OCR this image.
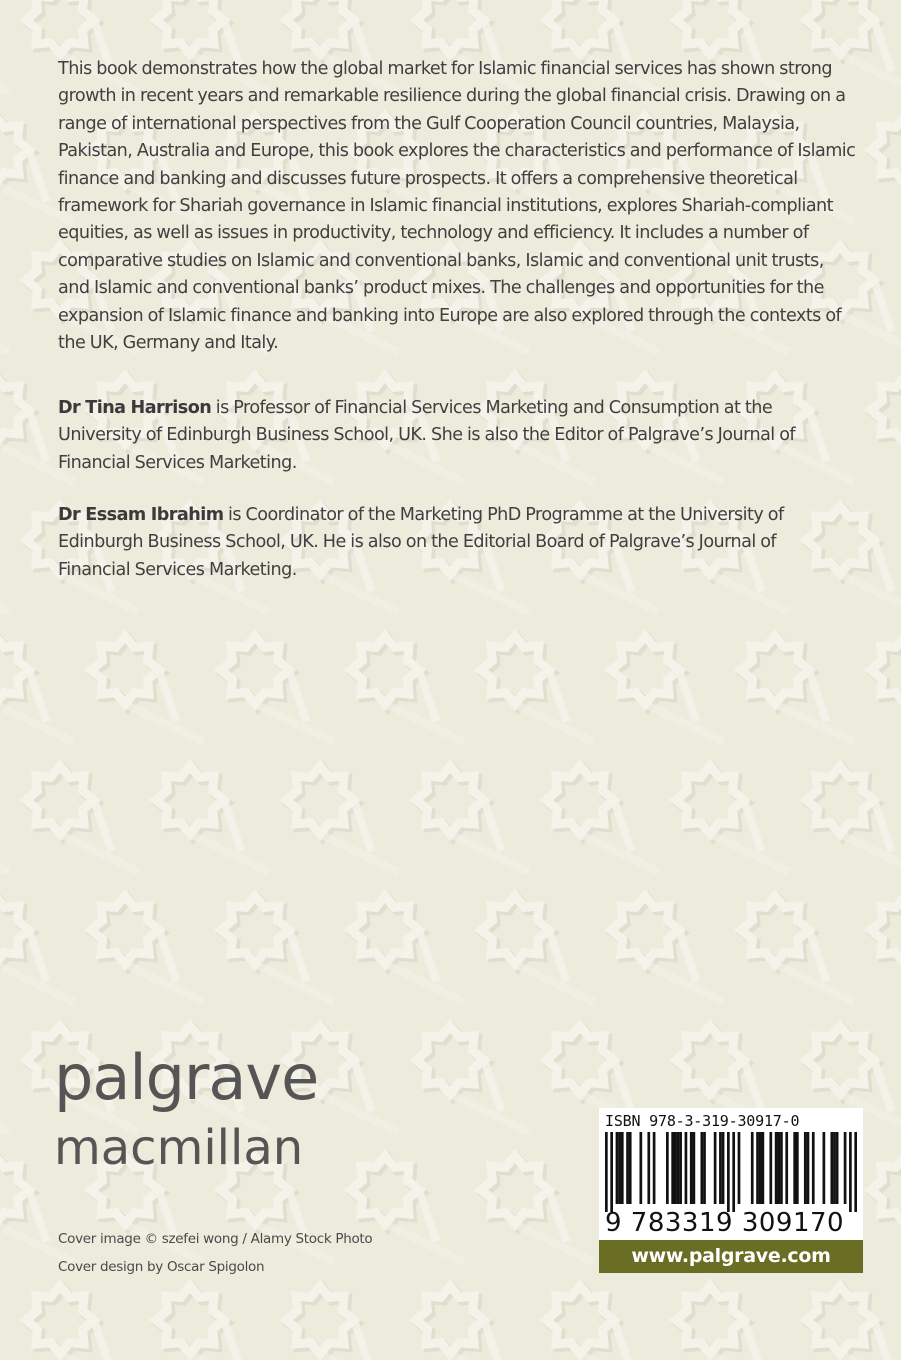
This book demonstrates how the global market for Islamic financial services has shown strong growth in recent years and remarkable resilience during the global financial crisis. Drawing on a range of international perspectives from the Gulf Cooperation Council countries, Malaysia, Pakistan, Australia and Europe, this book explores the characteristics and performance of Islamic finance and banking and discusses future prospects. It offers a comprehensive theoretical framework for Shariah governance in Islamic financial institutions, explores Shariah-compliant equities, as well as issues in productivity, technology and efficiency. It includes a number of comparative studies on Islamic and conventional banks, Islamic and conventional unit trusts, and Islamic and conventional banks’ product mixes. The challenges and opportunities for the expansion of Islamic finance and banking into Europe are also explored through the contexts of the UK, Germany and Italy.

Dr Tina Harrison is Professor of Financial Services Marketing and Consumption at the University of Edinburgh Business School, UK. She is also the Editor of Palgrave’s Journal of Financial Services Marketing.

Dr Essam Ibrahim is Coordinator of the Marketing PhD Programme at the University of Edinburgh Business School, UK. He is also on the Editorial Board of Palgrave’s Journal of Financial Services Marketing.

palgrave
macmillan
Cover image © szefei wong / Alamy Stock Photo
Cover design by Oscar Spigolon
ISBN 978-3-319-30917-0
9 783319 309170
www.palgrave.com
